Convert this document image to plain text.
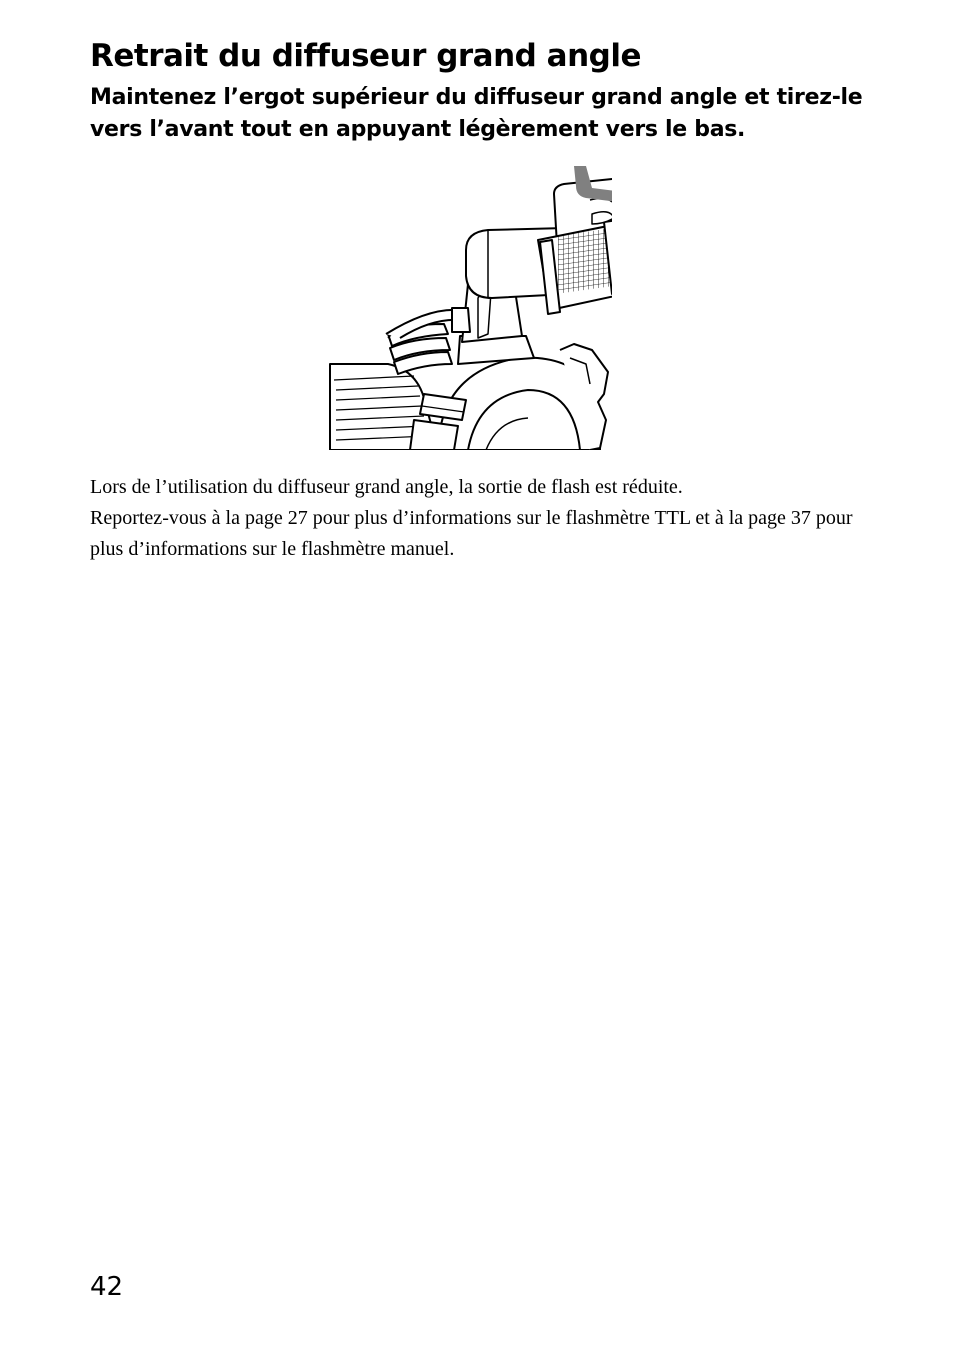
Retrait du diffuseur grand angle

Maintenez l’ergot supérieur du diffuseur grand angle et tirez-le vers l’avant tout en appuyant légèrement vers le bas.

Lors de l’utilisation du diffuseur grand angle, la sortie de flash est réduite.

Reportez-vous à la page 27 pour plus d’informations sur le flashmètre TTL et à la page 37 pour plus d’informations sur le flashmètre manuel.

42
